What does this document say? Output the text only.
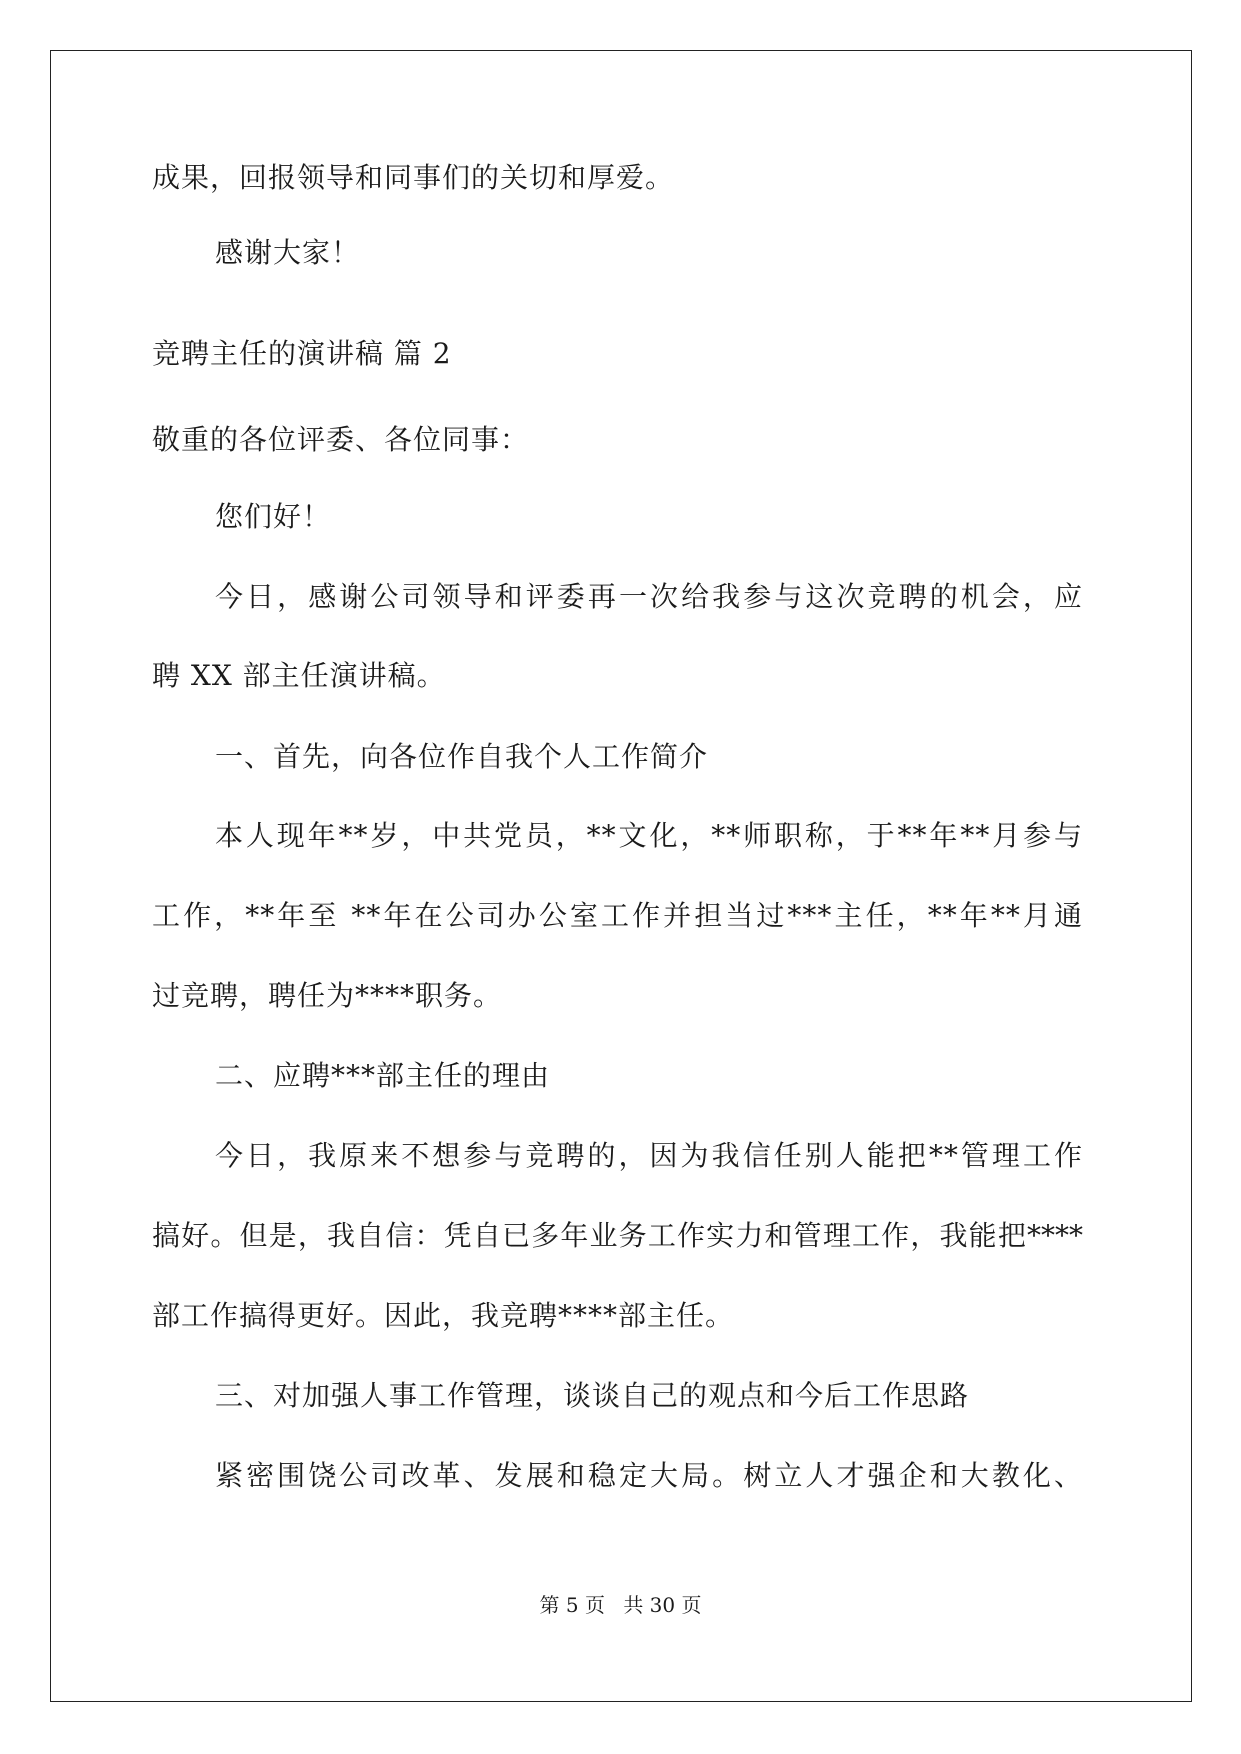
成果，回报领导和同事们的关切和厚爱。
感谢大家！
竞聘主任的演讲稿 篇 2
敬重的各位评委、各位同事：
您们好！
今日，感谢公司领导和评委再一次给我参与这次竞聘的机会，应
聘 XX 部主任演讲稿。
一、首先，向各位作自我个人工作简介
本人现年**岁，中共党员，**文化，**师职称，于**年**月参与
工作，**年至 **年在公司办公室工作并担当过***主任，**年**月通
过竞聘，聘任为****职务。
二、应聘***部主任的理由
今日，我原来不想参与竞聘的，因为我信任别人能把**管理工作
搞好。但是，我自信：凭自已多年业务工作实力和管理工作，我能把****
部工作搞得更好。因此，我竞聘****部主任。
三、对加强人事工作管理，谈谈自己的观点和今后工作思路
紧密围饶公司改革、发展和稳定大局。树立人才强企和大教化、
第 5 页 共 30 页
